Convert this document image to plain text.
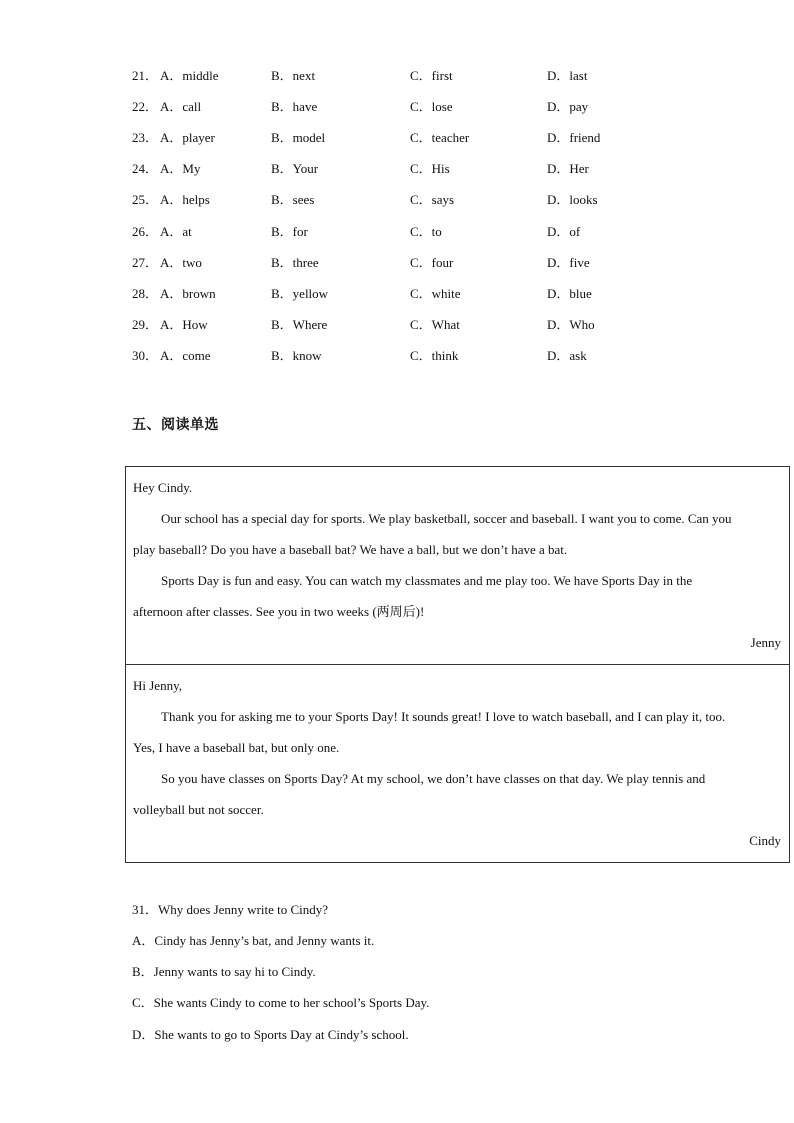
21． A．middle	B．next	C．first	D．last
22． A．call	B．have	C．lose	D．pay
23． A．player	B．model	C．teacher	D．friend
24． A．My	B．Your	C．His	D．Her
25． A．helps	B．sees	C．says	D．looks
26． A．at	B．for	C．to	D．of
27． A．two	B．three	C．four	D．five
28． A．brown	B．yellow	C．white	D．blue
29． A．How	B．Where	C．What	D．Who
30． A．come	B．know	C．think	D．ask
五、阅读单选
Hey Cindy.
Our school has a special day for sports. We play basketball, soccer and baseball. I want you to come. Can you
play baseball? Do you have a baseball bat? We have a ball, but we don’t have a bat.
Sports Day is fun and easy. You can watch my classmates and me play too. We have Sports Day in the
afternoon after classes. See you in two weeks (两周后)!
Jenny
Hi Jenny,
Thank you for asking me to your Sports Day! It sounds great! I love to watch baseball, and I can play it, too.
Yes, I have a baseball bat, but only one.
So you have classes on Sports Day? At my school, we don’t have classes on that day. We play tennis and
volleyball but not soccer.
Cindy
31．Why does Jenny write to Cindy?
A．Cindy has Jenny’s bat, and Jenny wants it.
B．Jenny wants to say hi to Cindy.
C．She wants Cindy to come to her school’s Sports Day.
D．She wants to go to Sports Day at Cindy’s school.
